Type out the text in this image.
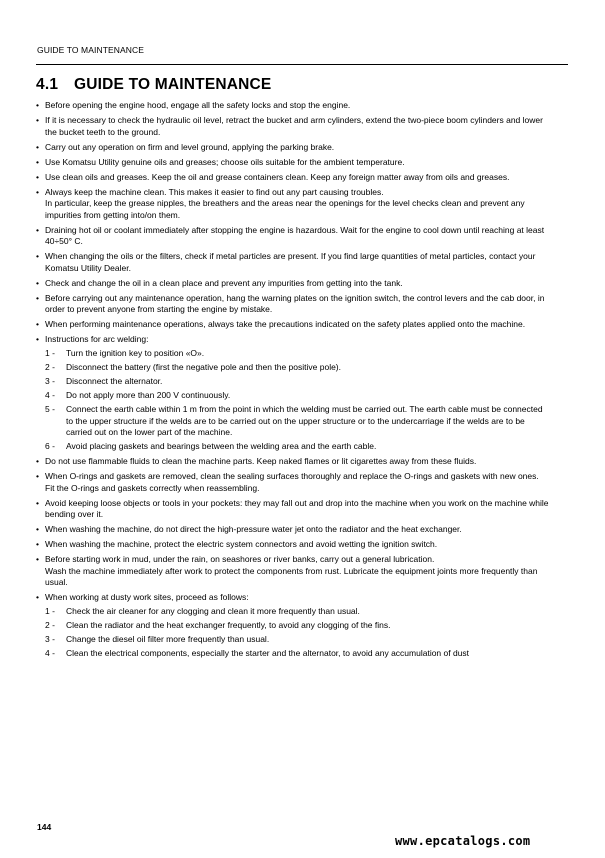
GUIDE TO MAINTENANCE
4.1 GUIDE TO MAINTENANCE
• Before opening the engine hood, engage all the safety locks and stop the engine.
• If it is necessary to check the hydraulic oil level, retract the bucket and arm cylinders, extend the two-piece boom cylinders and lower the bucket teeth to the ground.
• Carry out any operation on firm and level ground, applying the parking brake.
• Use Komatsu Utility genuine oils and greases; choose oils suitable for the ambient temperature.
• Use clean oils and greases. Keep the oil and grease containers clean. Keep any foreign matter away from oils and greases.
• Always keep the machine clean. This makes it easier to find out any part causing troubles.
In particular, keep the grease nipples, the breathers and the areas near the openings for the level checks clean and prevent any impurities from getting into/on them.
• Draining hot oil or coolant immediately after stopping the engine is hazardous. Wait for the engine to cool down until reaching at least 40÷50° C.
• When changing the oils or the filters, check if metal particles are present. If you find large quantities of metal particles, contact your Komatsu Utility Dealer.
• Check and change the oil in a clean place and prevent any impurities from getting into the tank.
• Before carrying out any maintenance operation, hang the warning plates on the ignition switch, the control levers and the cab door, in order to prevent anyone from starting the engine by mistake.
• When performing maintenance operations, always take the precautions indicated on the safety plates applied onto the machine.
• Instructions for arc welding:
1 - Turn the ignition key to position «O».
2 - Disconnect the battery (first the negative pole and then the positive pole).
3 - Disconnect the alternator.
4 - Do not apply more than 200 V continuously.
5 - Connect the earth cable within 1 m from the point in which the welding must be carried out. The earth cable must be connected to the upper structure if the welds are to be carried out on the upper structure or to the undercarriage if the welds are to be carried out on the lower part of the machine.
6 - Avoid placing gaskets and bearings between the welding area and the earth cable.
• Do not use flammable fluids to clean the machine parts. Keep naked flames or lit cigarettes away from these fluids.
• When O-rings and gaskets are removed, clean the sealing surfaces thoroughly and replace the O-rings and gaskets with new ones.
Fit the O-rings and gaskets correctly when reassembling.
• Avoid keeping loose objects or tools in your pockets: they may fall out and drop into the machine when you work on the machine while bending over it.
• When washing the machine, do not direct the high-pressure water jet onto the radiator and the heat exchanger.
• When washing the machine, protect the electric system connectors and avoid wetting the ignition switch.
• Before starting work in mud, under the rain, on seashores or river banks, carry out a general lubrication.
Wash the machine immediately after work to protect the components from rust. Lubricate the equipment joints more frequently than usual.
• When working at dusty work sites, proceed as follows:
1 - Check the air cleaner for any clogging and clean it more frequently than usual.
2 - Clean the radiator and the heat exchanger frequently, to avoid any clogging of the fins.
3 - Change the diesel oil filter more frequently than usual.
4 - Clean the electrical components, especially the starter and the alternator, to avoid any accumulation of dust
144
www.epcatalogs.com
